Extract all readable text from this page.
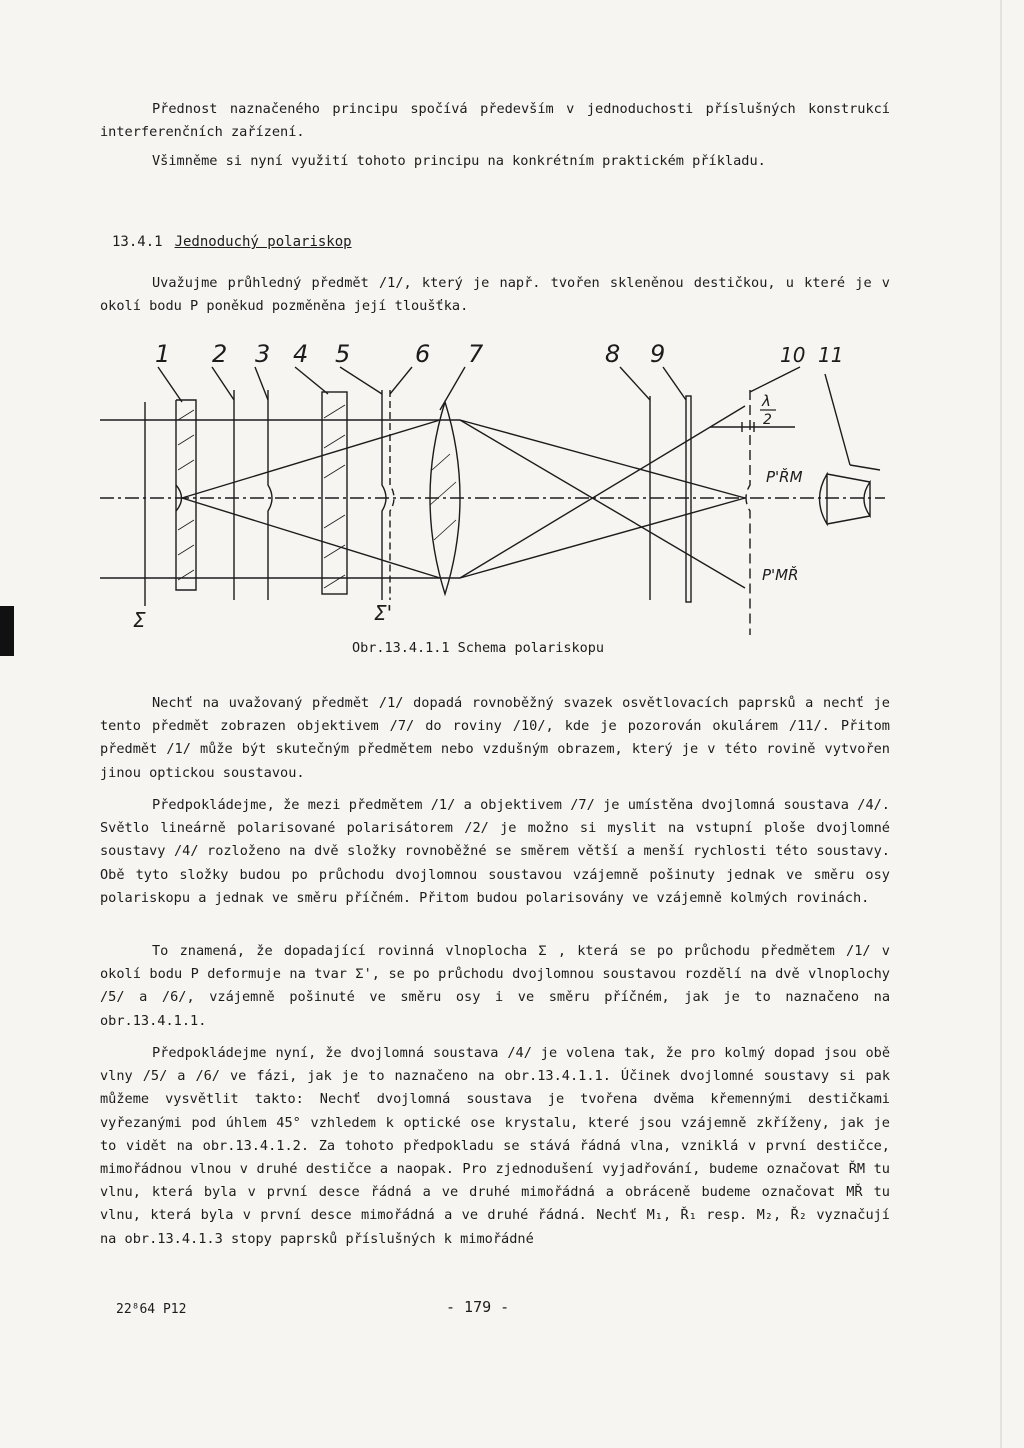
Přednost naznačeného principu spočívá především v jednoduchosti příslušných konstrukcí interferenčních zařízení.

Všimněme si nyní využití tohoto principu na konkrétním praktickém příkladu.

13.4.1 Jednoduchý polariskop

Uvažujme průhledný předmět /1/, který je např. tvořen skleněnou destičkou, u které je v okolí bodu P poněkud pozměněna její tloušťka.

1 2 3 4 5	6 7	8 9	10 11
λ
2
Σ	Σ'
P'ŘM
P'MŘ

Obr.13.4.1.1 Schema polariskopu

Nechť na uvažovaný předmět /1/ dopadá rovnoběžný svazek osvětlovacích paprsků a nechť je tento předmět zobrazen objektivem /7/ do roviny /10/, kde je pozorován okulárem /11/. Přitom předmět /1/ může být skutečným předmětem nebo vzdušným obrazem, který je v této rovině vytvořen jinou optickou soustavou.

Předpokládejme, že mezi předmětem /1/ a objektivem /7/ je umístěna dvojlomná soustava /4/. Světlo lineárně polarisované polarisátorem /2/ je možno si myslit na vstupní ploše dvojlomné soustavy /4/ rozloženo na dvě složky rovnoběžné se směrem větší a menší rychlosti této soustavy. Obě tyto složky budou po průchodu dvojlomnou soustavou vzájemně pošinuty jednak ve směru osy polariskopu a jednak ve směru příčném. Přitom budou polarisovány ve vzájemně kolmých rovinách.

To znamená, že dopadající rovinná vlnoplocha Σ , která se po průchodu předmětem /1/ v okolí bodu P deformuje na tvar Σ', se po průchodu dvojlomnou soustavou rozdělí na dvě vlnoplochy /5/ a /6/, vzájemně pošinuté ve směru osy i ve směru příčném, jak je to naznačeno na obr.13.4.1.1.

Předpokládejme nyní, že dvojlomná soustava /4/ je volena tak, že pro kolmý dopad jsou obě vlny /5/ a /6/ ve fázi, jak je to naznačeno na obr.13.4.1.1. Účinek dvojlomné soustavy si pak můžeme vysvětlit takto: Nechť dvojlomná soustava je tvořena dvěma křemennými destičkami vyřezanými pod úhlem 45° vzhledem k optické ose krystalu, které jsou vzájemně zkříženy, jak je to vidět na obr.13.4.1.2. Za tohoto předpokladu se stává řádná vlna, vzniklá v první destičce, mimořádnou vlnou v druhé destičce a naopak. Pro zjednodušení vyjadřování, budeme označovat ŘM tu vlnu, která byla v první desce řádná a ve druhé mimořádná a obráceně budeme označovat MŘ tu vlnu, která byla v první desce mimořádná a ve druhé řádná. Nechť M₁, Ř₁ resp. M₂, Ř₂ vyznačují na obr.13.4.1.3 stopy paprsků příslušných k mimořádné

22⁸64 P12	- 179 -
